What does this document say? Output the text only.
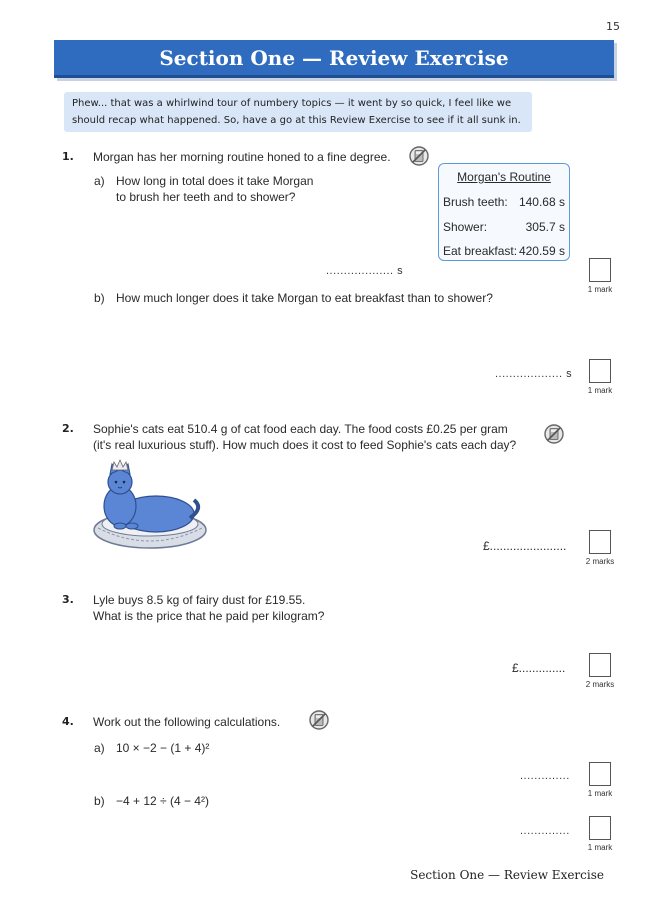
15
Section One — Review Exercise
Phew... that was a whirlwind tour of numbery topics — it went by so quick, I feel like we
should recap what happened. So, have a go at this Review Exercise to see if it all sunk in.
1. Morgan has her morning routine honed to a fine degree.
a) How long in total does it take Morgan
to brush her teeth and to shower?
Morgan's Routine
Brush teeth: 140.68 s
Shower:	305.7 s
Eat breakfast: 420.59 s
................... s
1 mark
b) How much longer does it take Morgan to eat breakfast than to shower?
................... s
1 mark
2. Sophie's cats eat 510.4 g of cat food each day. The food costs £0.25 per gram
(it's real luxurious stuff). How much does it cost to feed Sophie's cats each day?
£.......................
2 marks
3. Lyle buys 8.5 kg of fairy dust for £19.55.
What is the price that he paid per kilogram?
£..............
2 marks
4. Work out the following calculations.
a) 10 × −2 − (1 + 4)²
..............
1 mark
b) −4 + 12 ÷ (4 − 4²)
..............
1 mark
Section One — Review Exercise
